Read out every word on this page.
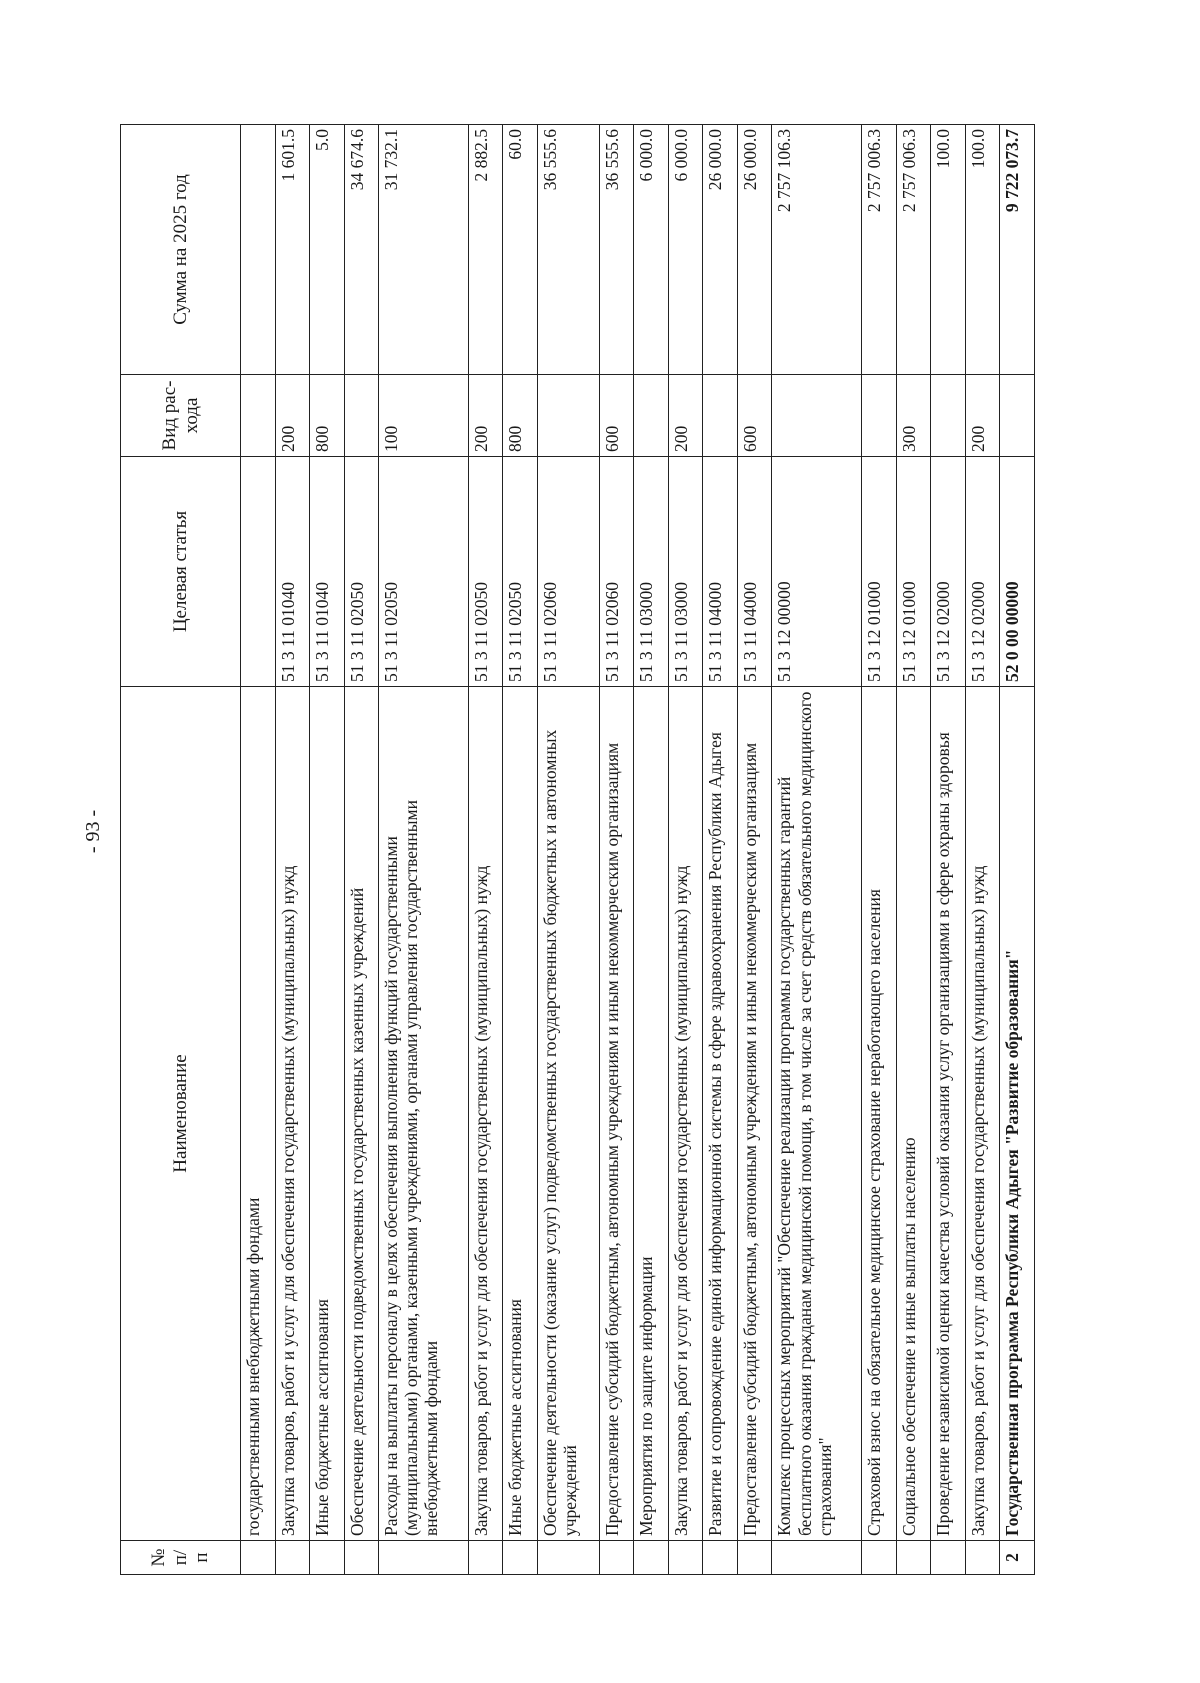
- 93 -
№ п/п	Наименование	Целевая статья	Вид рас-хода	Сумма на 2025 год
	государственными внебюджетными фондами			
	Закупка товаров, работ и услуг для обеспечения государственных (муниципальных) нужд	51 3 11 01040	200	1 601.5
	Иные бюджетные ассигнования	51 3 11 01040	800	5.0
	Обеспечение деятельности подведомственных государственных казенных учреждений	51 3 11 02050		34 674.6
	Расходы на выплаты персоналу в целях обеспечения выполнения функций государственными (муниципальными) органами, казенными учреждениями, органами управления государственными внебюджетными фондами	51 3 11 02050	100	31 732.1
	Закупка товаров, работ и услуг для обеспечения государственных (муниципальных) нужд	51 3 11 02050	200	2 882.5
	Иные бюджетные ассигнования	51 3 11 02050	800	60.0
	Обеспечение деятельности (оказание услуг) подведомственных государственных бюджетных и автономных учреждений	51 3 11 02060		36 555.6
	Предоставление субсидий бюджетным, автономным учреждениям и иным некоммерческим организациям	51 3 11 02060	600	36 555.6
	Мероприятия по защите информации	51 3 11 03000		6 000.0
	Закупка товаров, работ и услуг для обеспечения государственных (муниципальных) нужд	51 3 11 03000	200	6 000.0
	Развитие и сопровождение единой информационной системы в сфере здравоохранения Республики Адыгея	51 3 11 04000		26 000.0
	Предоставление субсидий бюджетным, автономным учреждениям и иным некоммерческим организациям	51 3 11 04000	600	26 000.0
	Комплекс процессных мероприятий "Обеспечение реализации программы государственных гарантий бесплатного оказания гражданам медицинской помощи, в том числе за счет средств обязательного медицинского страхования"	51 3 12 00000		2 757 106.3
	Страховой взнос на обязательное медицинское страхование неработающего населения	51 3 12 01000		2 757 006.3
	Социальное обеспечение и иные выплаты населению	51 3 12 01000	300	2 757 006.3
	Проведение независимой оценки качества условий оказания услуг организациями в сфере охраны здоровья	51 3 12 02000		100.0
	Закупка товаров, работ и услуг для обеспечения государственных (муниципальных) нужд	51 3 12 02000	200	100.0
2	Государственная программа Республики Адыгея "Развитие образования"	52 0 00 00000		9 722 073.7
